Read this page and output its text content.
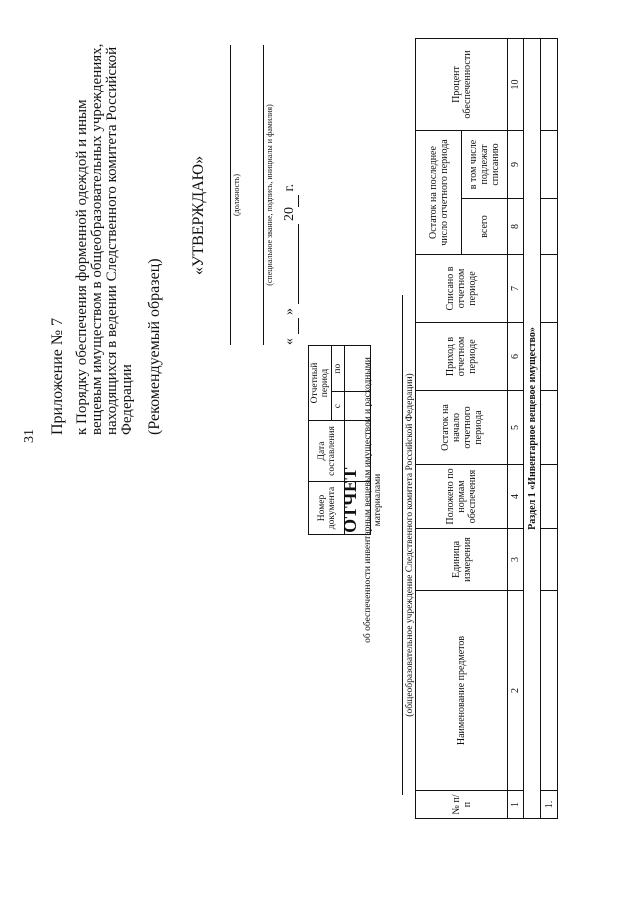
31
Приложение № 7 к Порядку обеспечения форменной одеждой и иным вещевым имуществом в общеобразовательных учреждениях, находящихся в ведении Следственного комитета Российской Федерации (Рекомендуемый образец)
«УТВЕРЖДАЮ»	(должность)	(специальное звание, подпись, инициалы и фамилия)
«   »   20  г.
ОТЧЕТ об обеспеченности инвентарным вещевым имуществом и расходными материалами
Номер документа	Дата составления	Отчетный период	
		с	по

(общеобразовательное учреждение Следственного комитета Российской Федерации)
№ п/п	Наименование предметов	Единица измерения	Положено по нормам обеспечения	Остаток на начало отчетного периода	Приход в отчетном периоде	Списано в отчетном периоде	Остаток на последнее число отчетного периода		Процент обеспеченности
							всего	в том числе подлежат списанию	
1	2	3	4	5	6	7	8	9	10
Раздел 1 «Инвентарное вещевое имущество»									
1.									
